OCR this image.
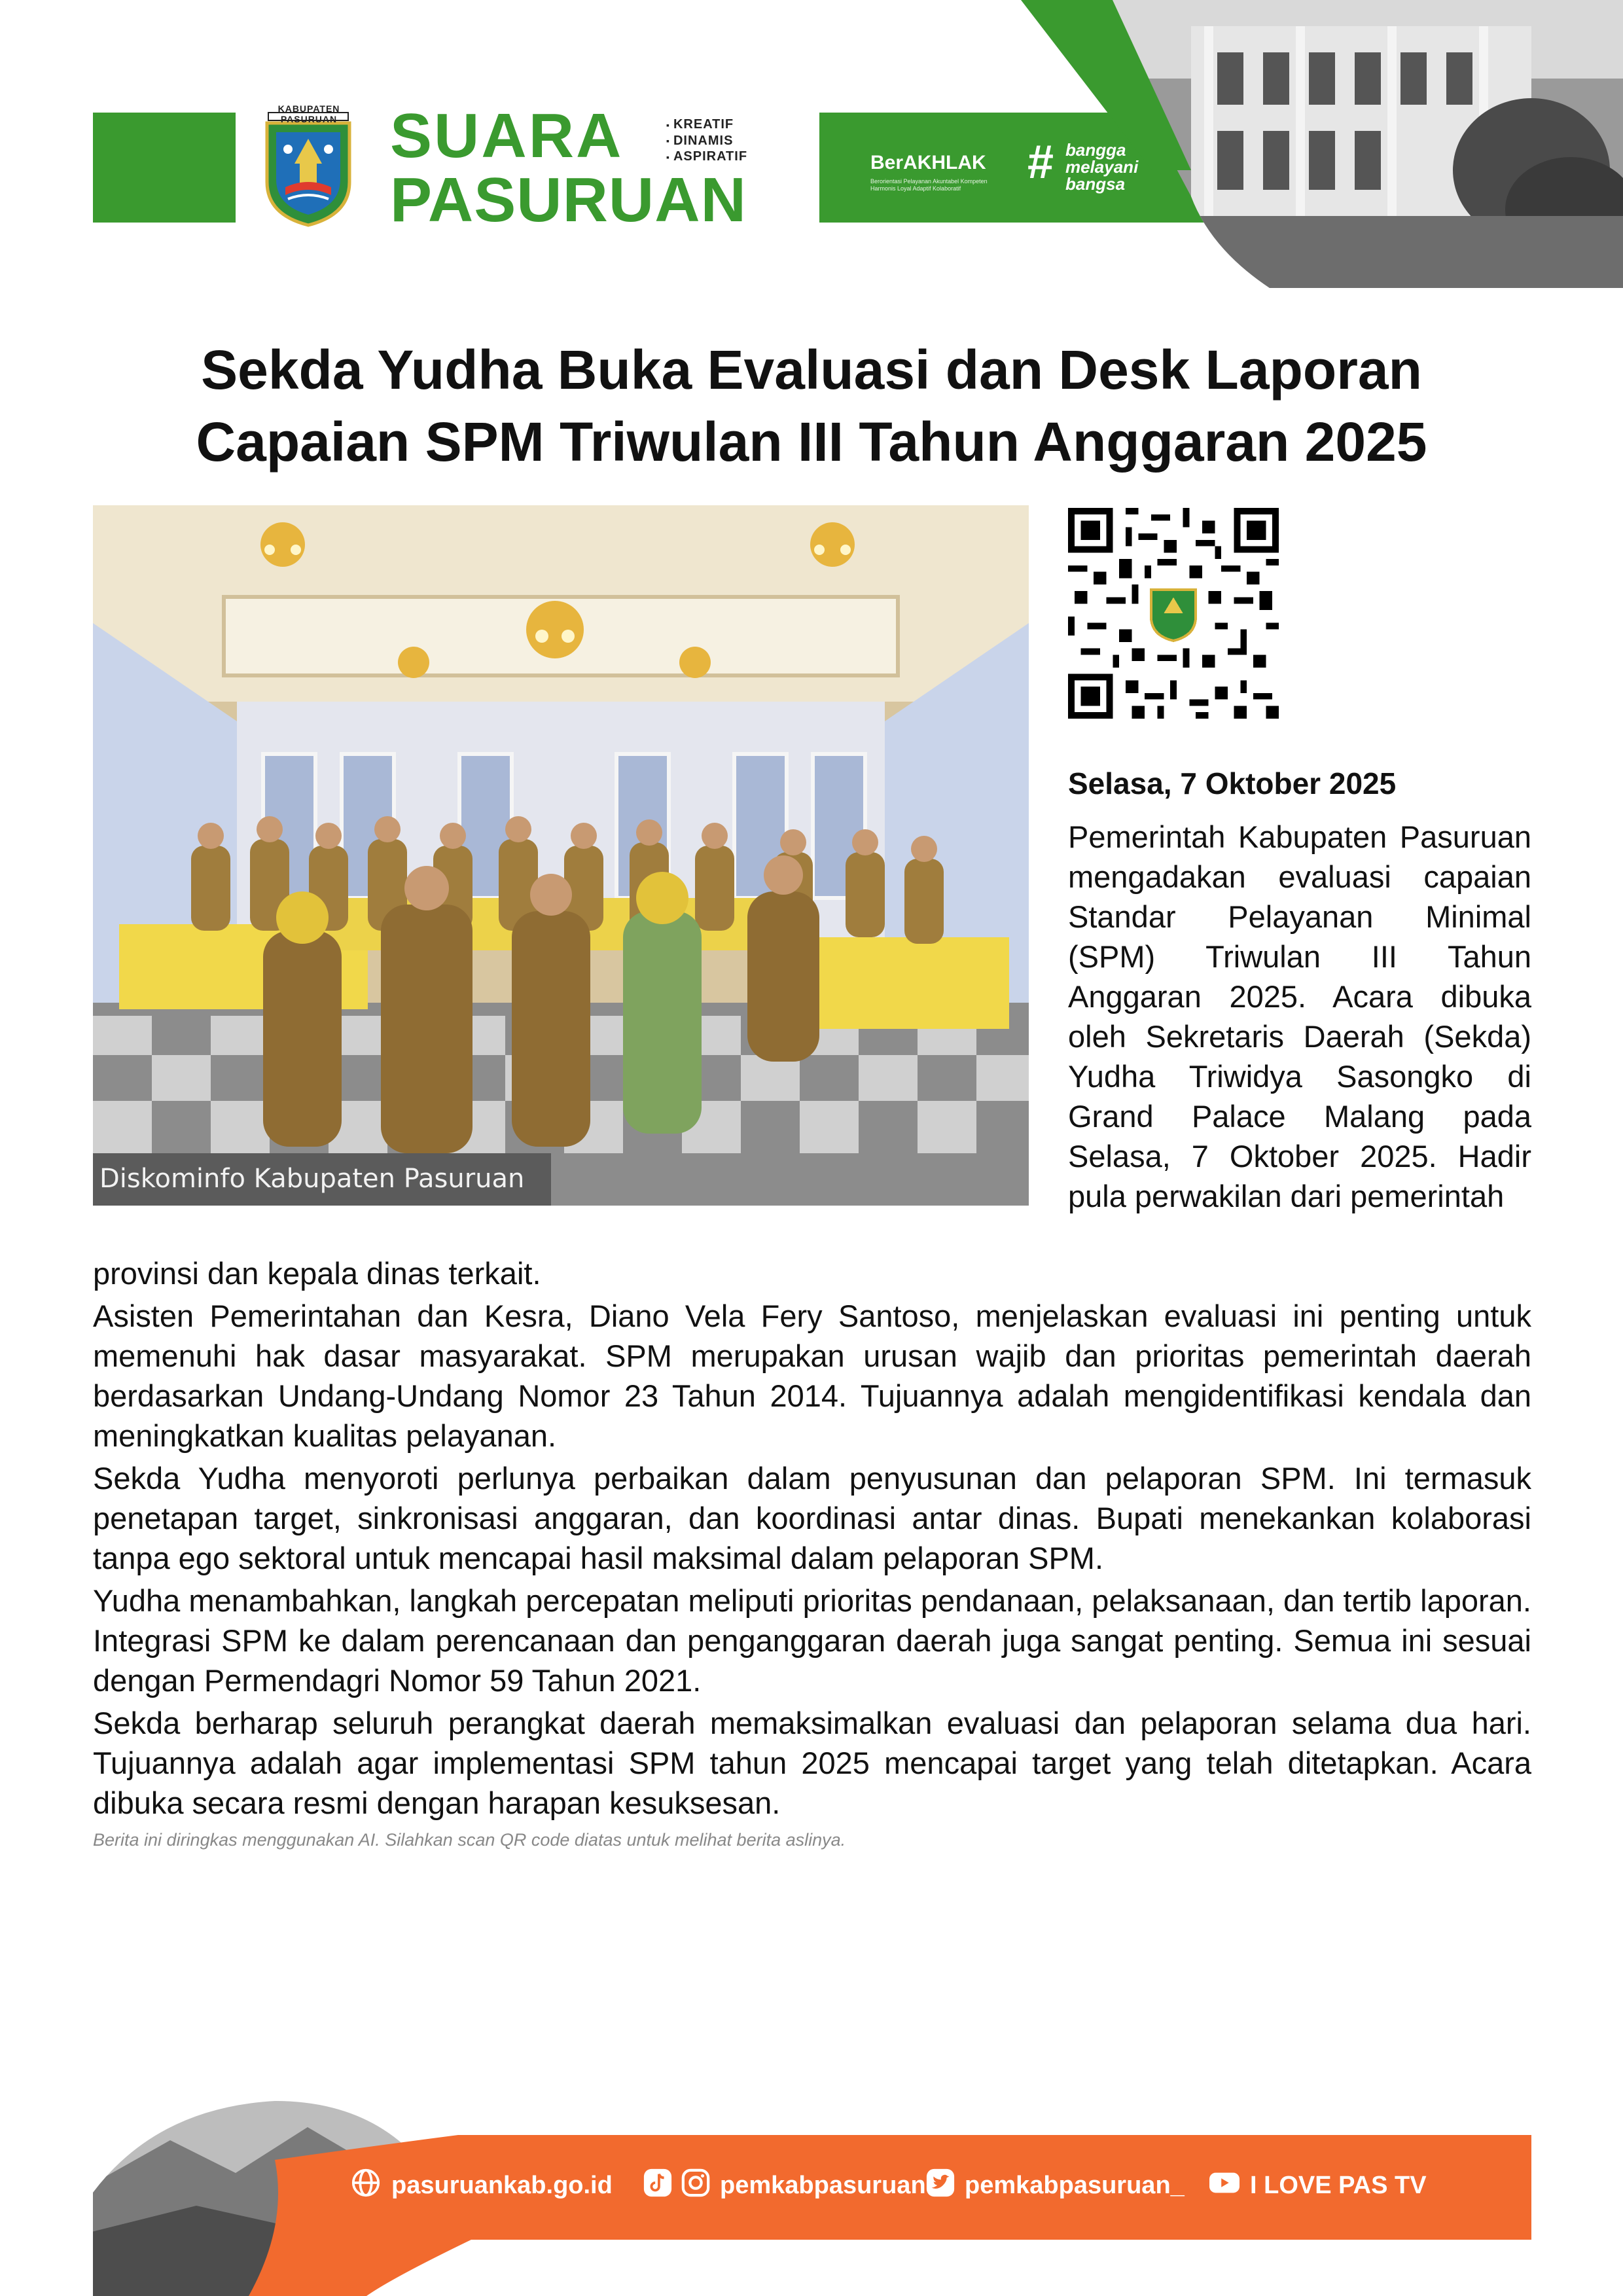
KABUPATEN PASURUAN SUARA
PASURUAN
▪ KREATIF
▪ DINAMIS
▪ ASPIRATIF	BerAKHLAK
Berorientasi Pelayanan Akuntabel Kompeten Harmonis Loyal Adaptif Kolaboratif	# bangga
melayani
bangsa
Sekda Yudha Buka Evaluasi dan Desk Laporan
Capaian SPM Triwulan III Tahun Anggaran 2025
Diskominfo Kabupaten Pasuruan
Selasa, 7 Oktober 2025
Pemerintah Kabupaten Pasuruan mengadakan evaluasi capaian Standar Pelayanan Minimal (SPM) Triwulan III Tahun Anggaran 2025. Acara dibuka oleh Sekretaris Daerah (Sekda) Yudha Triwidya Sasongko di Grand Palace Malang pada Selasa, 7 Oktober 2025. Hadir pula perwakilan dari pemerintah

provinsi dan kepala dinas terkait.

Asisten Pemerintahan dan Kesra, Diano Vela Fery Santoso, menjelaskan evaluasi ini penting untuk memenuhi hak dasar masyarakat. SPM merupakan urusan wajib dan prioritas pemerintah daerah berdasarkan Undang-Undang Nomor 23 Tahun 2014. Tujuannya adalah mengidentifikasi kendala dan meningkatkan kualitas pelayanan.

Sekda Yudha menyoroti perlunya perbaikan dalam penyusunan dan pelaporan SPM. Ini termasuk penetapan target, sinkronisasi anggaran, dan koordinasi antar dinas. Bupati menekankan kolaborasi tanpa ego sektoral untuk mencapai hasil maksimal dalam pelaporan SPM.

Yudha menambahkan, langkah percepatan meliputi prioritas pendanaan, pelaksanaan, dan tertib laporan. Integrasi SPM ke dalam perencanaan dan penganggaran daerah juga sangat penting. Semua ini sesuai dengan Permendagri Nomor 59 Tahun 2021.

Sekda berharap seluruh perangkat daerah memaksimalkan evaluasi dan pelaporan selama dua hari. Tujuannya adalah agar implementasi SPM tahun 2025 mencapai target yang telah ditetapkan. Acara dibuka secara resmi dengan harapan kesuksesan.

Berita ini diringkas menggunakan AI. Silahkan scan QR code diatas untuk melihat berita aslinya.
pasuruankab.go.id	pemkabpasuruan pemkabpasuruan_	I LOVE PAS TV
